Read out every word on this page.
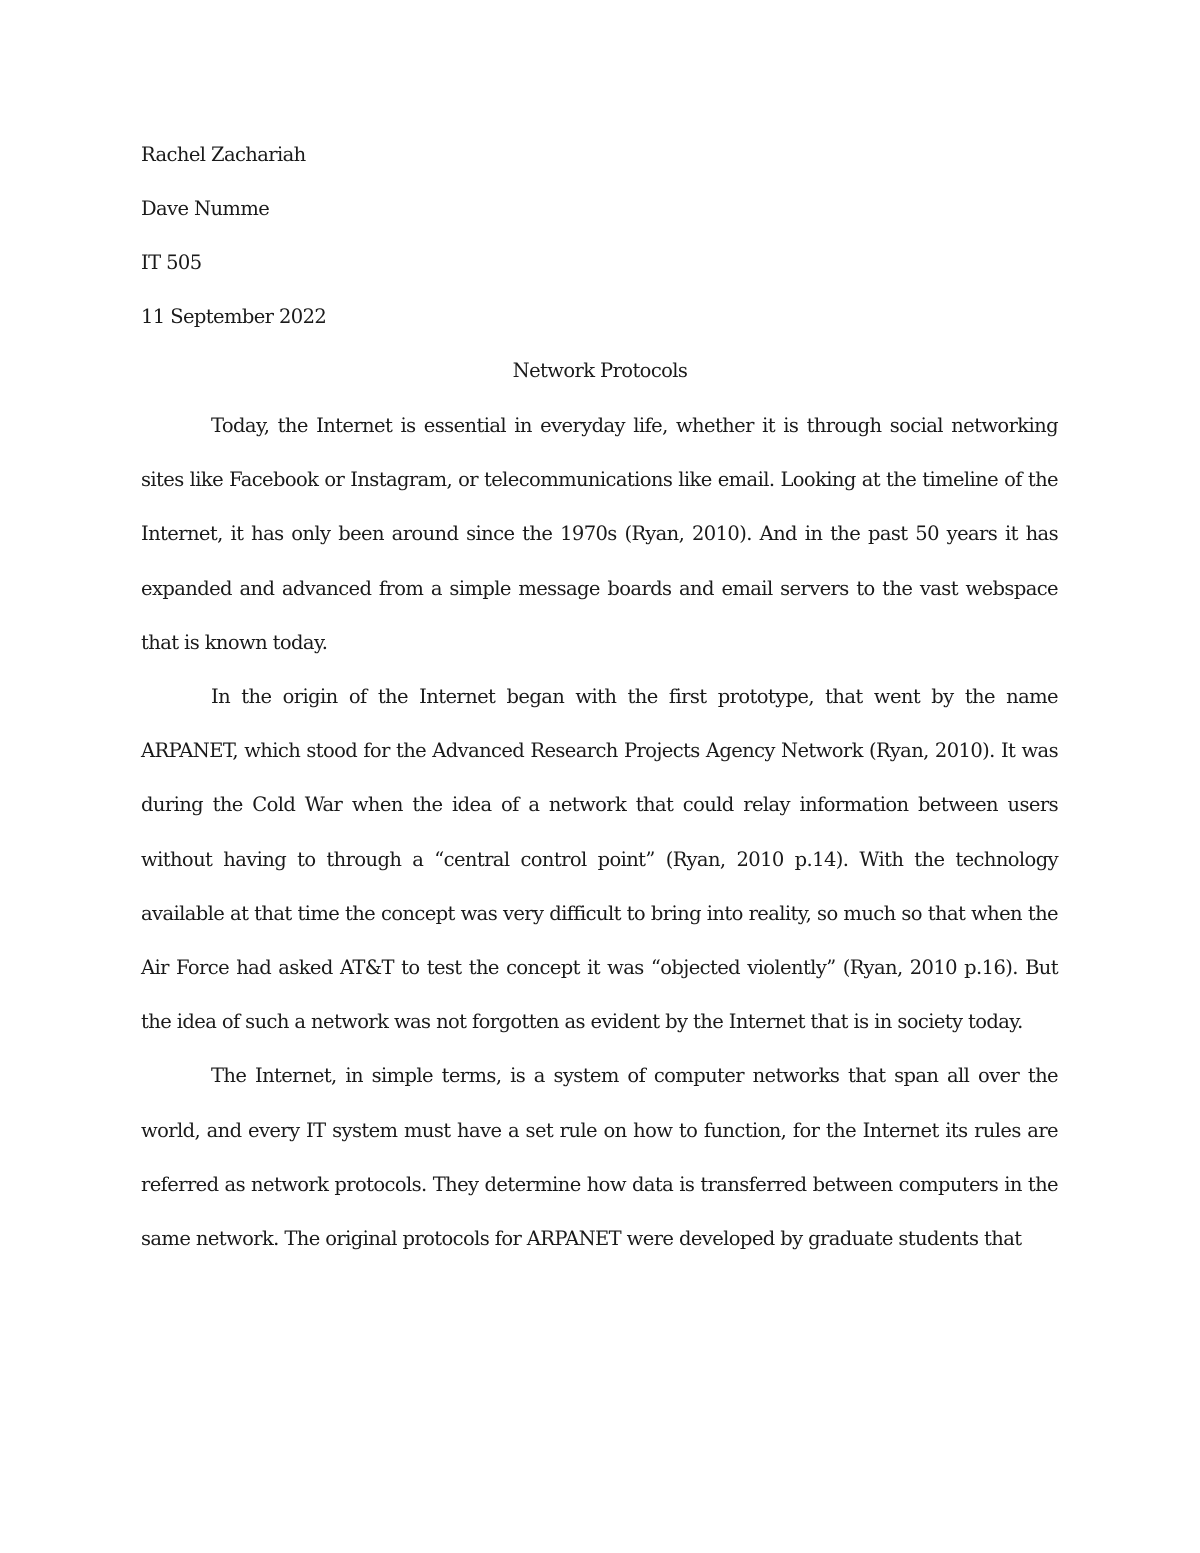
Rachel Zachariah

Dave Numme

IT 505

11 September 2022

Network Protocols

Today, the Internet is essential in everyday life, whether it is through social networking sites like Facebook or Instagram, or telecommunications like email. Looking at the timeline of the Internet, it has only been around since the 1970s (Ryan, 2010). And in the past 50 years it has expanded and advanced from a simple message boards and email servers to the vast webspace that is known today.

In the origin of the Internet began with the first prototype, that went by the name ARPANET, which stood for the Advanced Research Projects Agency Network (Ryan, 2010). It was during the Cold War when the idea of a network that could relay information between users without having to through a “central control point” (Ryan, 2010 p.14). With the technology available at that time the concept was very difficult to bring into reality, so much so that when the Air Force had asked AT&T to test the concept it was “objected violently” (Ryan, 2010 p.16). But the idea of such a network was not forgotten as evident by the Internet that is in society today.

The Internet, in simple terms, is a system of computer networks that span all over the world, and every IT system must have a set rule on how to function, for the Internet its rules are referred as network protocols. They determine how data is transferred between computers in the same network. The original protocols for ARPANET were developed by graduate students that
